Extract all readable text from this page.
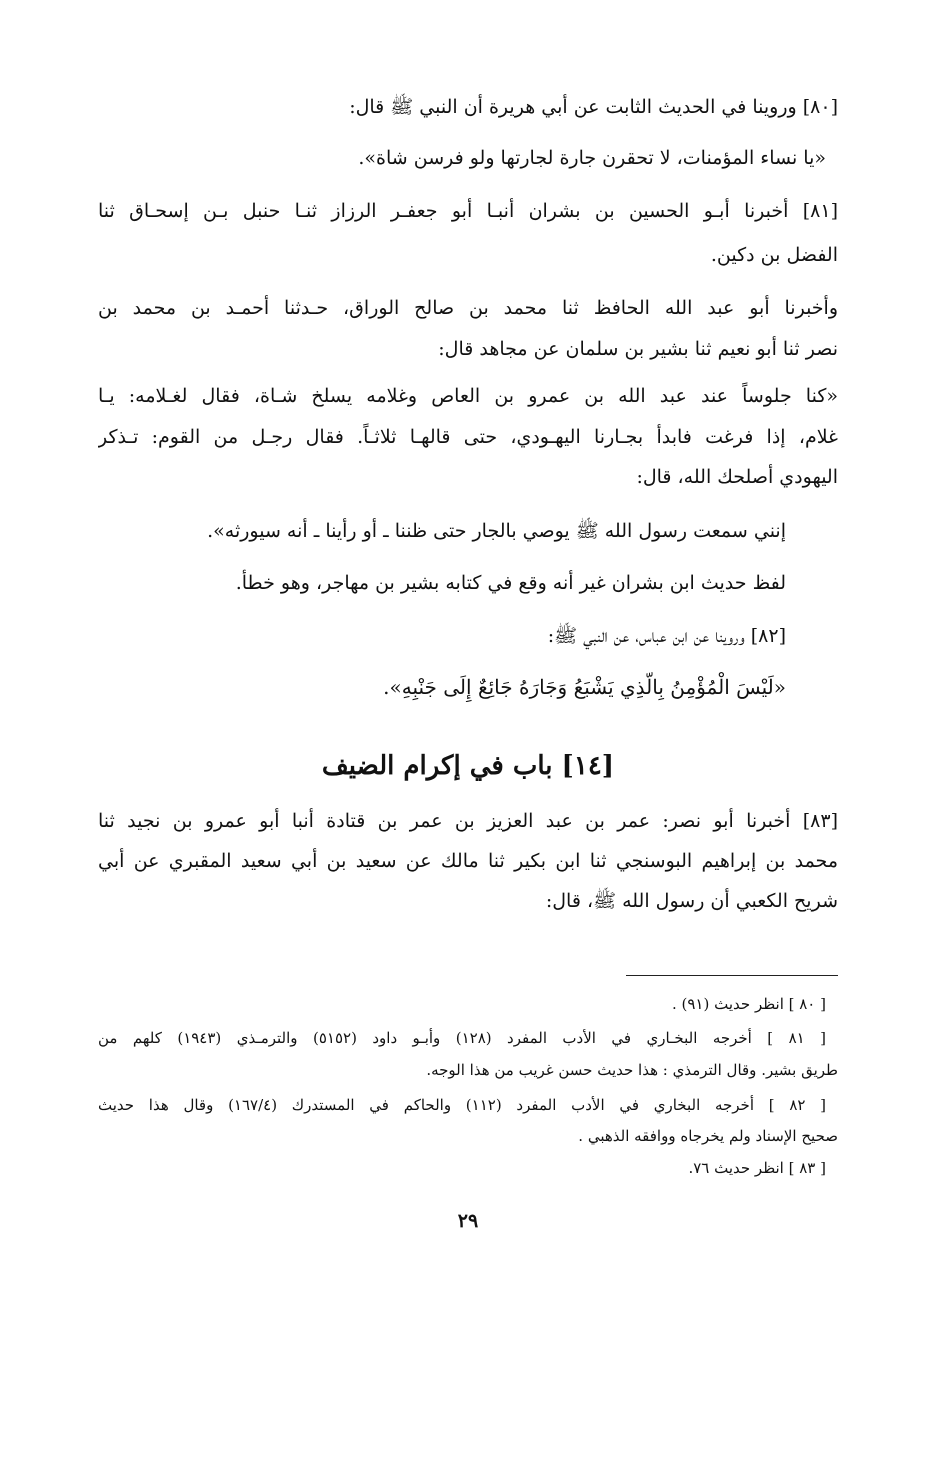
[٨٠] وروينا في الحديث الثابت عن أبي هريرة أن النبي ﷺ قال:
«يا نساء المؤمنات، لا تحقرن جارة لجارتها ولو فرسن شاة».
[٨١] أخبرنا أبـو الحسين بن بشران أنبـا أبو جعفـر الرزاز ثنـا حنبل بـن إسحـاق ثنا
الفضل بن دكين.
وأخبرنا أبو عبد الله الحافظ ثنا محمد بن صالح الوراق، حـدثنا أحمـد بن محمد بن
نصر ثنا أبو نعيم ثنا بشير بن سلمان عن مجاهد قال:
«كنا جلوساً عند عبد الله بن عمرو بن العاص وغلامه يسلخ شـاة، فقال لغـلامه: يـا
غلام، إذا فرغت فابدأ بجـارنا اليهـودي، حتى قالهـا ثلاثـاً. فقال رجـل من القوم: تـذكر
اليهودي أصلحك الله، قال:
إنني سمعت رسول الله ﷺ يوصي بالجار حتى ظننا ـ أو رأينا ـ أنه سيورثه».
لفظ حديث ابن بشران غير أنه وقع في كتابه بشير بن مهاجر، وهو خطأ.
[٨٢] وروينا عن ابن عباس، عن النبي ﷺ:
«لَيْسَ الْمُؤْمِنُ بِالَّذِي يَشْبَعُ وَجَارَهُ جَائِعٌ إِلَى جَنْبِهِ».
[١٤] باب في إكرام الضيف
[٨٣] أخبرنا أبو نصر: عمر بن عبد العزيز بن عمر بن قتادة أنبا أبو عمرو بن نجيد ثنا
محمد بن إبراهيم البوسنجي ثنا ابن بكير ثنا مالك عن سعيد بن أبي سعيد المقبري عن أبي
شريح الكعبي أن رسول الله ﷺ، قال:
[ ٨٠ ] انظر حديث (٩١) .
[ ٨١ ] أخرجه البخـاري في الأدب المفرد (١٢٨) وأبـو داود (٥١٥٢) والترمـذي (١٩٤٣) كلهم من
طريق بشير. وقال الترمذي : هذا حديث حسن غريب من هذا الوجه.
[ ٨٢ ] أخرجه البخاري في الأدب المفرد (١١٢) والحاكم في المستدرك (١٦٧/٤) وقال هذا حديث
صحيح الإسناد ولم يخرجاه ووافقه الذهبي .
[ ٨٣ ] انظر حديث ٧٦.
٢٩
